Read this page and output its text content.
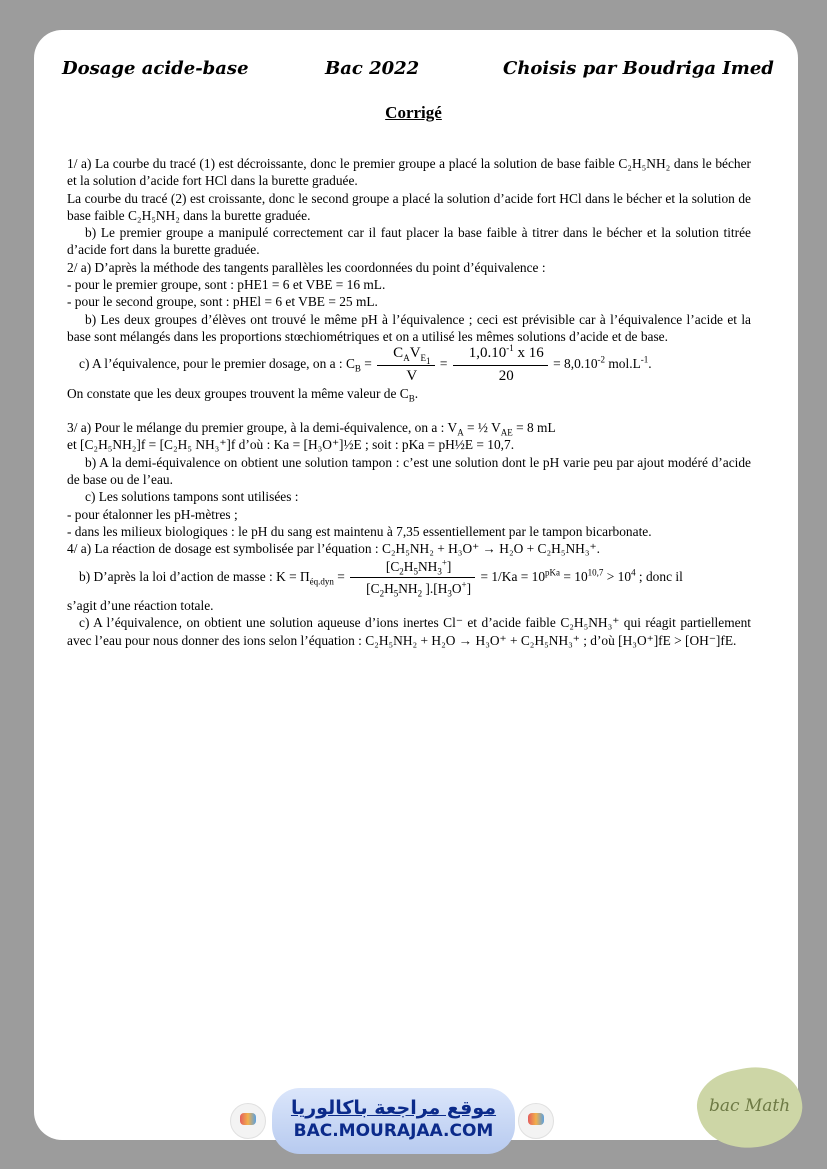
Dosage acide-base	Bac 2022	Choisis par Boudriga Imed
Corrigé

1/ a) La courbe du tracé (1) est décroissante, donc le premier groupe a placé la solution de base faible C₂H₅NH₂ dans le bécher et la solution d’acide fort HCl dans la burette graduée.

La courbe du tracé (2) est croissante, donc le second groupe a placé la solution d’acide fort HCl dans le bécher et la solution de base faible C₂H₅NH₂ dans la burette graduée.

b) Le premier groupe a manipulé correctement car il faut placer la base faible à titrer dans le bécher et la solution titrée d’acide fort dans la burette graduée.

2/ a) D’après la méthode des tangents parallèles les coordonnées du point d’équivalence :

- pour le premier groupe, sont : pHE1 = 6 et VBE = 16 mL.

- pour le second groupe, sont : pHEl = 6 et VBE = 25 mL.

b) Les deux groupes d’élèves ont trouvé le même pH à l’équivalence ; ceci est prévisible car à l’équivalence l’acide et la base sont mélangés dans les proportions stœchiométriques et on a utilisé les mêmes solutions d’acide et de base.

c) A l’équivalence, pour le premier dosage, on a : $C_B = \frac{C_AV_{E_1}}{V} = \frac{1,0.10^{-1} x 16}{20} = 8,0.10^{-2}$ $mol.L^{-1}$.

On constate que les deux groupes trouvent la même valeur de $C_B$.

3/ a) Pour le mélange du premier groupe, à la demi-équivalence, on a : $V_A$ = ½ $V_{AE} = 8$ mL

et [C₂H₅NH₂]f = [C₂H₅ NH₃⁺]f d’où : Ka = [H₃O⁺]½E ; soit : pKa = pH½E = 10,7.

b) A la demi-équivalence on obtient une solution tampon : c’est une solution dont le pH varie peu par ajout modéré d’acide de base ou de l’eau.

c) Les solutions tampons sont utilisées :

- pour étalonner les pH-mètres ;

- dans les milieux biologiques : le pH du sang est maintenu à 7,35 essentiellement par le tampon bicarbonate.

4/ a) La réaction de dosage est symbolisée par l’équation : C₂H₅NH₂ + H₃O⁺ → H₂O + C₂H₅NH₃⁺.

b) D’après la loi d’action de masse : $K = \Pi_{éq.dyn} = \frac{[C_2H_5NH_3^+]}{[C_2H_5NH_2 ].[H_3O^+]} = 1/Ka = 10^{pKa} = 10^{10,7} > 10^4$ ; donc il

s’agit d’une réaction totale.

c) A l’équivalence, on obtient une solution aqueuse d’ions inertes Cl⁻ et d’acide faible C₂H₅NH₃⁺ qui réagit partiellement avec l’eau pour nous donner des ions selon l’équation : C₂H₅NH₂ + H₂O → H₃O⁺ + C₂H₅NH₃⁺ ; d’où [H₃O⁺]fE > [OH⁻]fE.

موقع مراجعة باكالوريا
BAC.MOURAJAA.COM
bac Math
